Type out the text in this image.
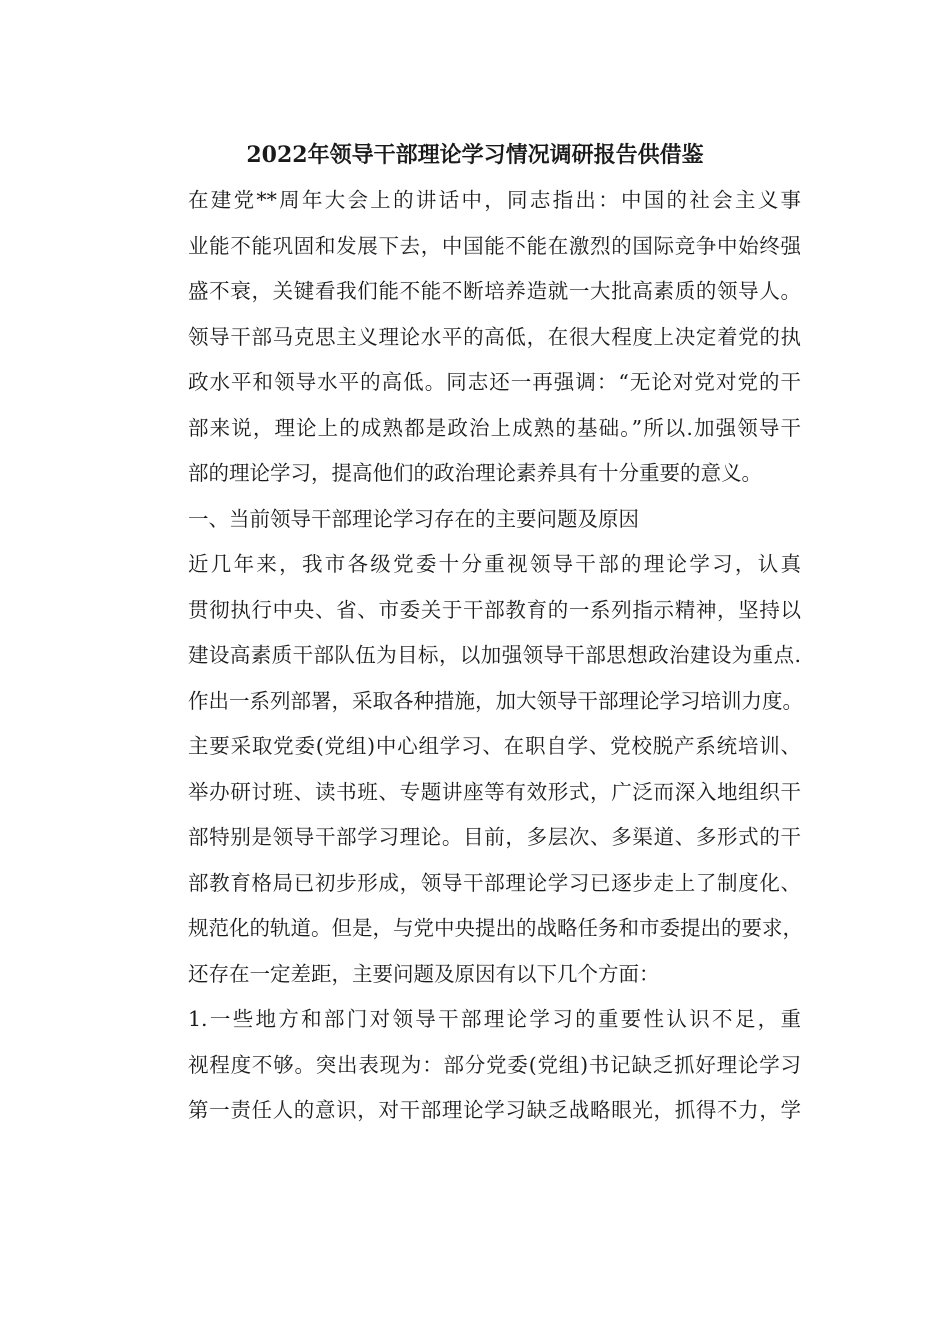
2022年领导干部理论学习情况调研报告供借鉴

在建党**周年大会上的讲话中，同志指出：中国的社会主义事
业能不能巩固和发展下去，中国能不能在激烈的国际竞争中始终强
盛不衰，关键看我们能不能不断培养造就一大批高素质的领导人。
领导干部马克思主义理论水平的高低，在很大程度上决定着党的执
政水平和领导水平的高低。同志还一再强调：“无论对党对党的干
部来说，理论上的成熟都是政治上成熟的基础。”所以.加强领导干
部的理论学习，提高他们的政治理论素养具有十分重要的意义。

一、当前领导干部理论学习存在的主要问题及原因

近几年来，我市各级党委十分重视领导干部的理论学习，认真
贯彻执行中央、省、市委关于干部教育的一系列指示精神，坚持以
建设高素质干部队伍为目标，以加强领导干部思想政治建设为重点.
作出一系列部署，采取各种措施，加大领导干部理论学习培训力度。
主要采取党委(党组)中心组学习、在职自学、党校脱产系统培训、
举办研讨班、读书班、专题讲座等有效形式，广泛而深入地组织干
部特别是领导干部学习理论。目前，多层次、多渠道、多形式的干
部教育格局已初步形成，领导干部理论学习已逐步走上了制度化、
规范化的轨道。但是，与党中央提出的战略任务和市委提出的要求，
还存在一定差距，主要问题及原因有以下几个方面：

1.一些地方和部门对领导干部理论学习的重要性认识不足，重
视程度不够。突出表现为：部分党委(党组)书记缺乏抓好理论学习
第一责任人的意识，对干部理论学习缺乏战略眼光，抓得不力，学
